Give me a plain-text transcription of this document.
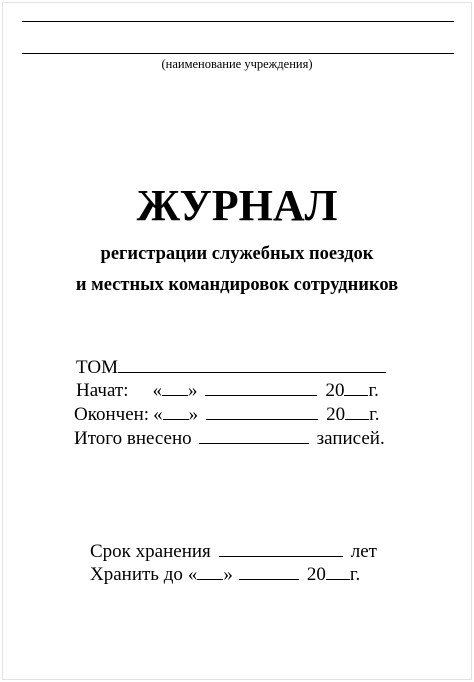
(наименование учреждения)
ЖУРНАЛ
регистрации служебных поездок
и местных командировок сотрудников
ТОМ
Начат: « »	20 г.
Окончен: « »	20 г.
Итого внесено	записей.
Срок хранения	лет
Хранить до « »	20 г.
